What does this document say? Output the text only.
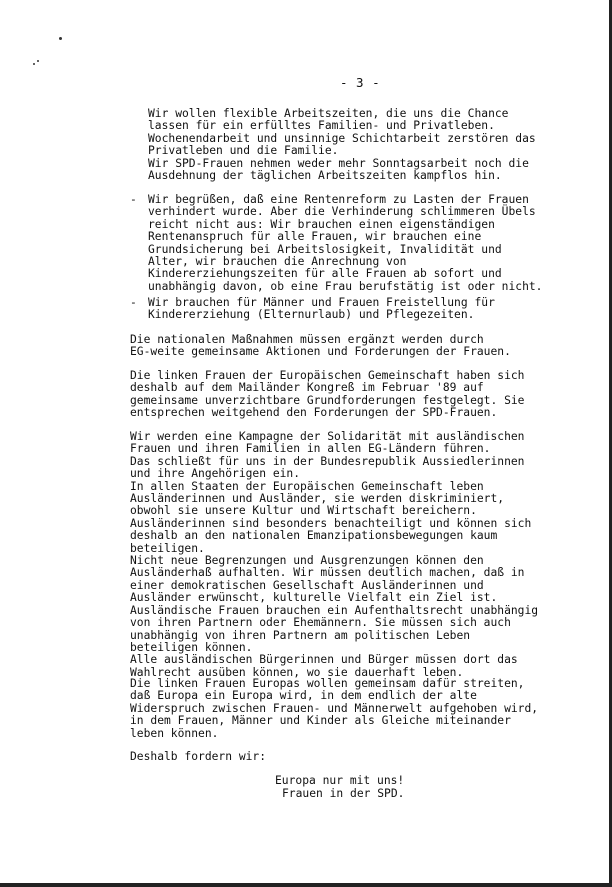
- 3 -
Wir wollen flexible Arbeitszeiten, die uns die Chance
lassen für ein erfülltes Familien- und Privatleben.
Wochenendarbeit und unsinnige Schichtarbeit zerstören das
Privatleben und die Familie.
Wir SPD-Frauen nehmen weder mehr Sonntagsarbeit noch die
Ausdehnung der täglichen Arbeitszeiten kampflos hin.
- Wir begrüßen, daß eine Rentenreform zu Lasten der Frauen
verhindert wurde. Aber die Verhinderung schlimmeren Übels
reicht nicht aus: Wir brauchen einen eigenständigen
Rentenanspruch für alle Frauen, wir brauchen eine
Grundsicherung bei Arbeitslosigkeit, Invalidität und
Alter, wir brauchen die Anrechnung von
Kindererziehungszeiten für alle Frauen ab sofort und
unabhängig davon, ob eine Frau berufstätig ist oder nicht.
- Wir brauchen für Männer und Frauen Freistellung für
Kindererziehung (Elternurlaub) und Pflegezeiten.
Die nationalen Maßnahmen müssen ergänzt werden durch
EG-weite gemeinsame Aktionen und Forderungen der Frauen.
Die linken Frauen der Europäischen Gemeinschaft haben sich
deshalb auf dem Mailänder Kongreß im Februar '89 auf
gemeinsame unverzichtbare Grundforderungen festgelegt. Sie
entsprechen weitgehend den Forderungen der SPD-Frauen.
Wir werden eine Kampagne der Solidarität mit ausländischen
Frauen und ihren Familien in allen EG-Ländern führen.
Das schließt für uns in der Bundesrepublik Aussiedlerinnen
und ihre Angehörigen ein.
In allen Staaten der Europäischen Gemeinschaft leben
Ausländerinnen und Ausländer, sie werden diskriminiert,
obwohl sie unsere Kultur und Wirtschaft bereichern.
Ausländerinnen sind besonders benachteiligt und können sich
deshalb an den nationalen Emanzipationsbewegungen kaum
beteiligen.
Nicht neue Begrenzungen und Ausgrenzungen können den
Ausländerhaß aufhalten. Wir müssen deutlich machen, daß in
einer demokratischen Gesellschaft Ausländerinnen und
Ausländer erwünscht, kulturelle Vielfalt ein Ziel ist.
Ausländische Frauen brauchen ein Aufenthaltsrecht unabhängig
von ihren Partnern oder Ehemännern. Sie müssen sich auch
unabhängig von ihren Partnern am politischen Leben
beteiligen können.
Alle ausländischen Bürgerinnen und Bürger müssen dort das
Wahlrecht ausüben können, wo sie dauerhaft leben.
Die linken Frauen Europas wollen gemeinsam dafür streiten,
daß Europa ein Europa wird, in dem endlich der alte
Widerspruch zwischen Frauen- und Männerwelt aufgehoben wird,
in dem Frauen, Männer und Kinder als Gleiche miteinander
leben können.
Deshalb fordern wir:
Europa nur mit uns!
Frauen in der SPD.
